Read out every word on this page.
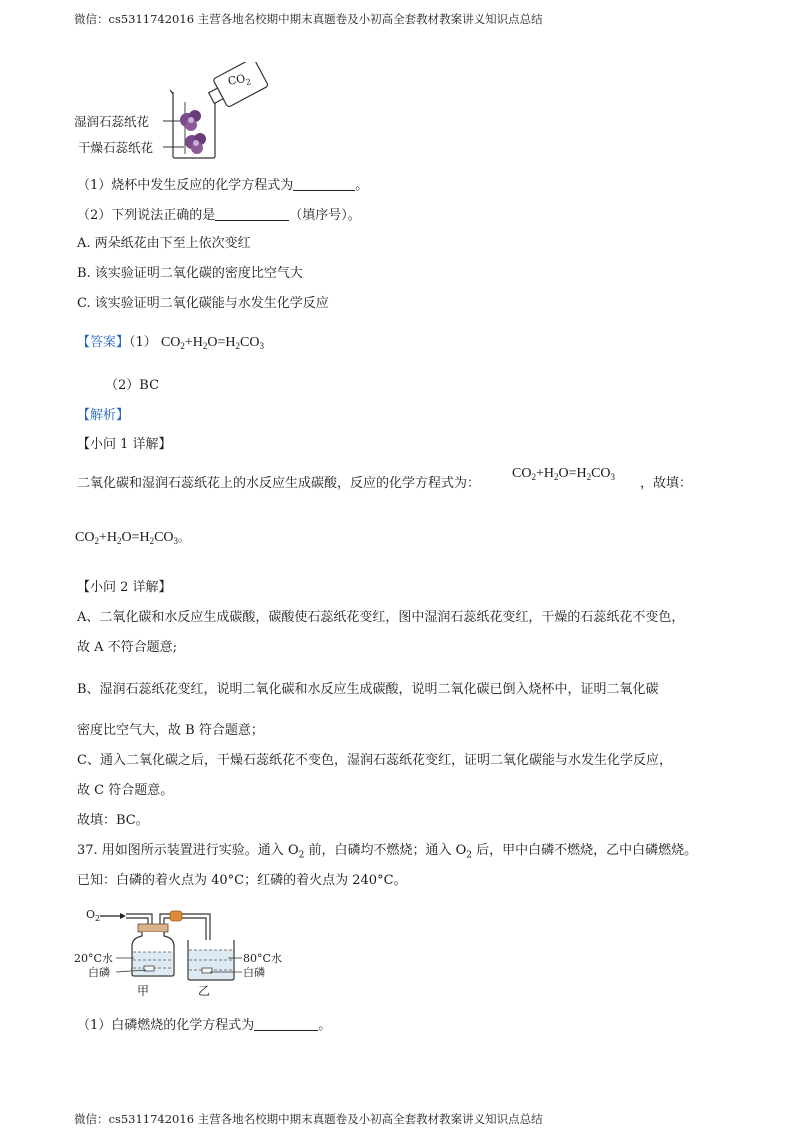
微信：cs5311742016 主营各地名校期中期末真题卷及小初高全套教材教案讲义知识点总结
$CO_2$
湿润石蕊纸花
干燥石蕊纸花
（1）烧杯中发生反应的化学方程式为	。
（2）下列说法正确的是	（填序号）。
A. 两朵纸花由下至上依次变红
B. 该实验证明二氧化碳的密度比空气大
C. 该实验证明二氧化碳能与水发生化学反应
【答案】（1） $CO_2+H_2O=H_2CO_3$
（2）BC
【解析】
【小问 1 详解】
二氧化碳和湿润石蕊纸花上的水反应生成碳酸，反应的化学方程式为：
$CO_2+H_2O=H_2CO_3$ ，故填：
$CO_2+H_2O=H_2CO_3$。
【小问 2 详解】
A、二氧化碳和水反应生成碳酸，碳酸使石蕊纸花变红，图中湿润石蕊纸花变红，干燥的石蕊纸花不变色，
故 A 不符合题意;
B、湿润石蕊纸花变红，说明二氧化碳和水反应生成碳酸，说明二氧化碳已倒入烧杯中，证明二氧化碳
密度比空气大，故 B 符合题意；
C、通入二氧化碳之后，干燥石蕊纸花不变色，湿润石蕊纸花变红，证明二氧化碳能与水发生化学反应，
故 C 符合题意。
故填：BC。
37. 用如图所示装置进行实验。通入 $O_2$ 前，白磷均不燃烧；通入 $O_2$ 后，甲中白磷不燃烧，乙中白磷燃烧。
已知：白磷的着火点为 40°C；红磷的着火点为 240°C。
$O_2$
20°C水
白磷
80°C水
白磷
甲	乙
（1）白磷燃烧的化学方程式为	。
微信：cs5311742016 主营各地名校期中期末真题卷及小初高全套教材教案讲义知识点总结
